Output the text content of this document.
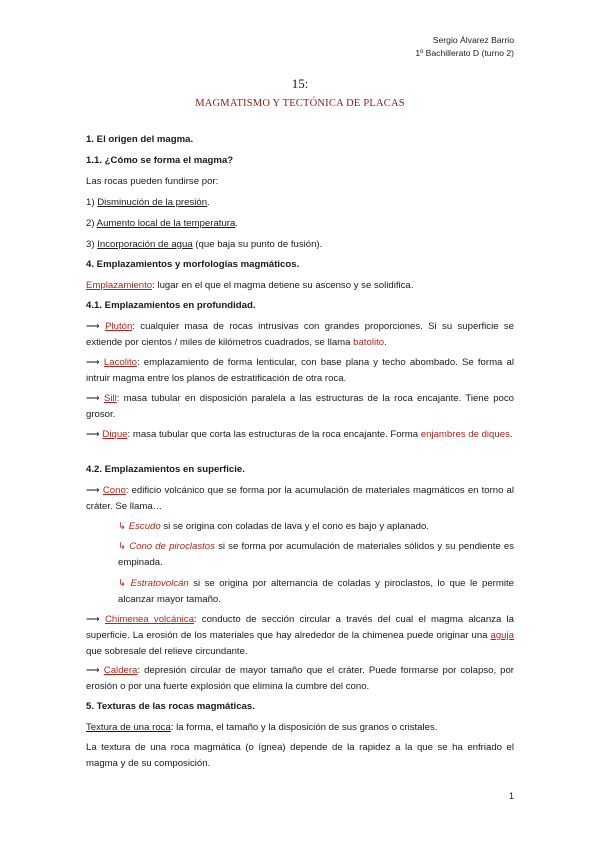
Sergio Álvarez Barrio
1º Bachillerato D (turno 2)
15:
MAGMATISMO Y TECTÓNICA DE PLACAS

1. El origen del magma.

1.1. ¿Cómo se forma el magma?

Las rocas pueden fundirse por:

1) Disminución de la presión.

2) Aumento local de la temperatura.

3) Incorporación de agua (que baja su punto de fusión).

4. Emplazamientos y morfologías magmáticos.

Emplazamiento: lugar en el que el magma detiene su ascenso y se solidifica.

4.1. Emplazamientos en profundidad.

⟶ Plutón: cualquier masa de rocas intrusivas con grandes proporciones. Si su superficie se extiende por cientos / miles de kilómetros cuadrados, se llama batolito.

⟶ Lacolito: emplazamiento de forma lenticular, con base plana y techo abombado. Se forma al intruir magma entre los planos de estratificación de otra roca.

⟶ Sill: masa tubular en disposición paralela a las estructuras de la roca encajante. Tiene poco grosor.

⟶ Dique: masa tubular que corta las estructuras de la roca encajante. Forma enjambres de diques.

4.2. Emplazamientos en superficie.

⟶ Cono: edificio volcánico que se forma por la acumulación de materiales magmáticos en torno al cráter. Se llama…

↳ Escudo si se origina con coladas de lava y el cono es bajo y aplanado.

↳ Cono de piroclastos si se forma por acumulación de materiales sólidos y su pendiente es empinada.

↳ Estratovolcán si se origina por alternancia de coladas y piroclastos, lo que le permite alcanzar mayor tamaño.

⟶ Chimenea volcánica: conducto de sección circular a través del cual el magma alcanza la superficie. La erosión de los materiales que hay alrededor de la chimenea puede originar una aguja que sobresale del relieve circundante.

⟶ Caldera: depresión circular de mayor tamaño que el cráter. Puede formarse por colapso, por erosión o por una fuerte explosión que elimina la cumbre del cono.

5. Texturas de las rocas magmáticas.

Textura de una roca: la forma, el tamaño y la disposición de sus granos o cristales.

La textura de una roca magmática (o ígnea) depende de la rapidez a la que se ha enfriado el magma y de su composición.

1
